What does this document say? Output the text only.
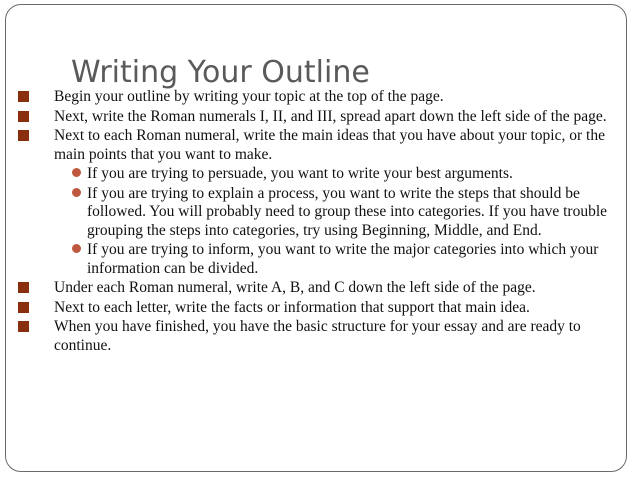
Writing Your Outline
Begin your outline by writing your topic at the top of the page.
Next, write the Roman numerals I, II, and III, spread apart down the left side of the page.
Next to each Roman numeral, write the main ideas that you have about your topic, or the main points that you want to make.
If you are trying to persuade, you want to write your best arguments.
If you are trying to explain a process, you want to write the steps that should be followed. You will probably need to group these into categories. If you have trouble grouping the steps into categories, try using Beginning, Middle, and End.
If you are trying to inform, you want to write the major categories into which your information can be divided.
Under each Roman numeral, write A, B, and C down the left side of the page.
Next to each letter, write the facts or information that support that main idea.
When you have finished, you have the basic structure for your essay and are ready to continue.
